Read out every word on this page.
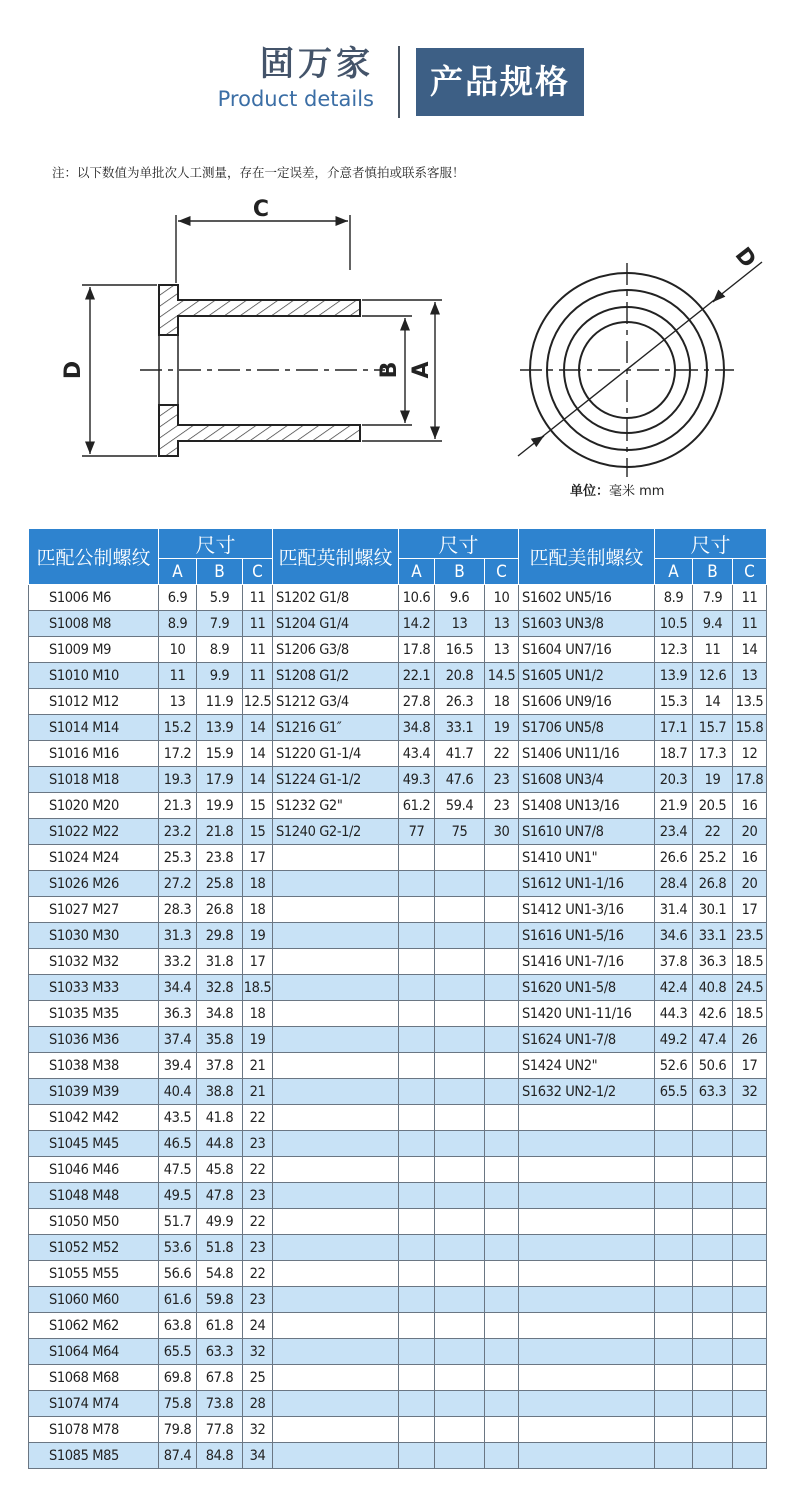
固万家
Product details	产品规格
注：以下数值为单批次人工测量，存在一定误差，介意者慎拍或联系客服！
C
D	B A
D
单位：毫米 mm
匹配公制螺纹	尺寸			匹配英制螺纹	尺寸			匹配美制螺纹	尺寸		
	A	B	C		A	B	C		A	B	C
S1006 M6	6.9	5.9	11	S1202 G1/8	10.6	9.6	10	S1602 UN5/16	8.9	7.9	11
S1008 M8	8.9	7.9	11	S1204 G1/4	14.2	13	13	S1603 UN3/8	10.5	9.4	11
S1009 M9	10	8.9	11	S1206 G3/8	17.8	16.5	13	S1604 UN7/16	12.3	11	14
S1010 M10	11	9.9	11	S1208 G1/2	22.1	20.8	14.5	S1605 UN1/2	13.9	12.6	13
S1012 M12	13	11.9	12.5	S1212 G3/4	27.8	26.3	18	S1606 UN9/16	15.3	14	13.5
S1014 M14	15.2	13.9	14	S1216 G1″	34.8	33.1	19	S1706 UN5/8	17.1	15.7	15.8
S1016 M16	17.2	15.9	14	S1220 G1-1/4	43.4	41.7	22	S1406 UN11/16	18.7	17.3	12
S1018 M18	19.3	17.9	14	S1224 G1-1/2	49.3	47.6	23	S1608 UN3/4	20.3	19	17.8
S1020 M20	21.3	19.9	15	S1232 G2"	61.2	59.4	23	S1408 UN13/16	21.9	20.5	16
S1022 M22	23.2	21.8	15	S1240 G2-1/2	77	75	30	S1610 UN7/8	23.4	22	20
S1024 M24	25.3	23.8	17					S1410 UN1"	26.6	25.2	16
S1026 M26	27.2	25.8	18					S1612 UN1-1/16	28.4	26.8	20
S1027 M27	28.3	26.8	18					S1412 UN1-3/16	31.4	30.1	17
S1030 M30	31.3	29.8	19					S1616 UN1-5/16	34.6	33.1	23.5
S1032 M32	33.2	31.8	17					S1416 UN1-7/16	37.8	36.3	18.5
S1033 M33	34.4	32.8	18.5					S1620 UN1-5/8	42.4	40.8	24.5
S1035 M35	36.3	34.8	18					S1420 UN1-11/16	44.3	42.6	18.5
S1036 M36	37.4	35.8	19					S1624 UN1-7/8	49.2	47.4	26
S1038 M38	39.4	37.8	21					S1424 UN2"	52.6	50.6	17
S1039 M39	40.4	38.8	21					S1632 UN2-1/2	65.5	63.3	32
S1042 M42	43.5	41.8	22								
S1045 M45	46.5	44.8	23								
S1046 M46	47.5	45.8	22								
S1048 M48	49.5	47.8	23								
S1050 M50	51.7	49.9	22								
S1052 M52	53.6	51.8	23								
S1055 M55	56.6	54.8	22								
S1060 M60	61.6	59.8	23								
S1062 M62	63.8	61.8	24								
S1064 M64	65.5	63.3	32								
S1068 M68	69.8	67.8	25								
S1074 M74	75.8	73.8	28								
S1078 M78	79.8	77.8	32								
S1085 M85	87.4	84.8	34								
